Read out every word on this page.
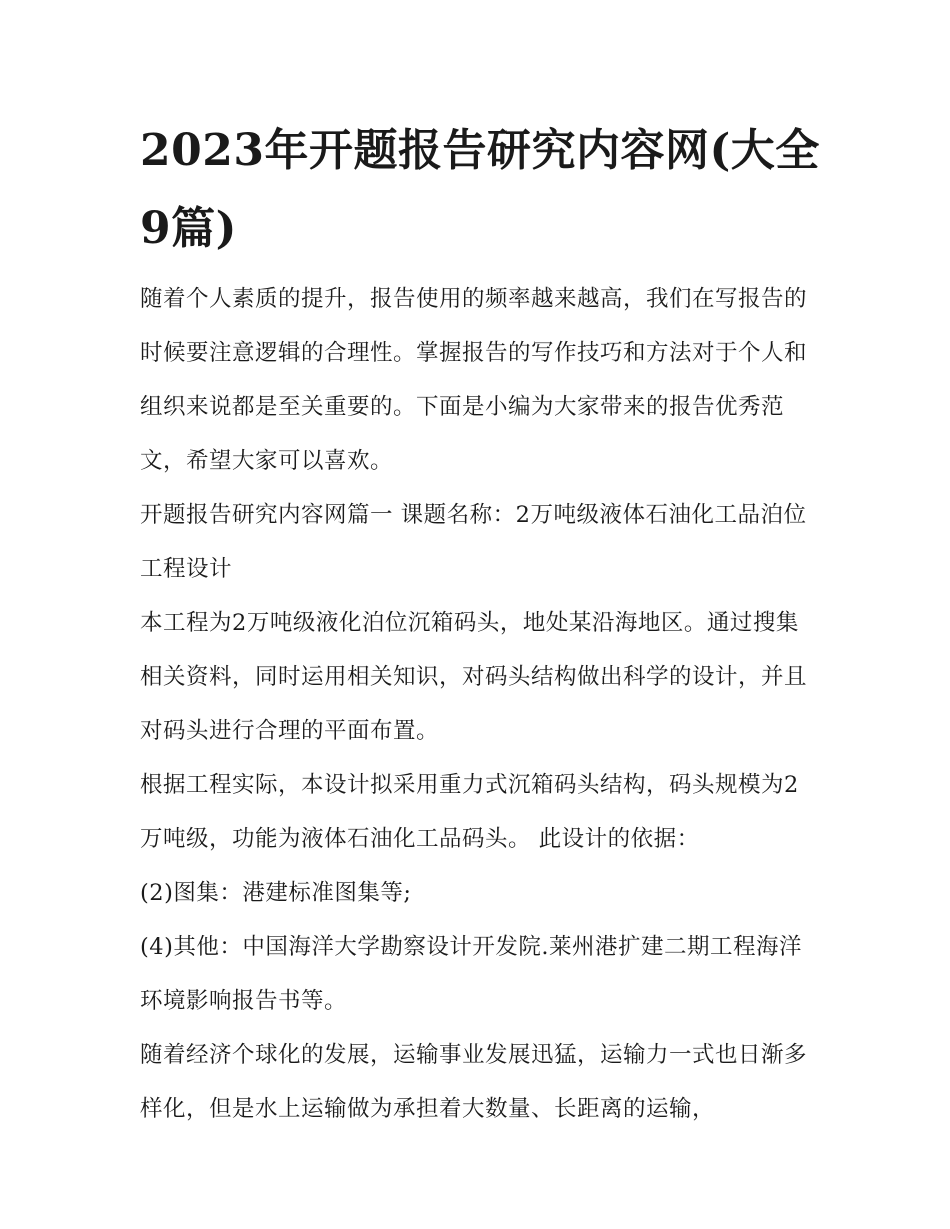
2023年开题报告研究内容网(大全9篇)

随着个人素质的提升，报告使用的频率越来越高，我们在写报告的时候要注意逻辑的合理性。掌握报告的写作技巧和方法对于个人和组织来说都是至关重要的。下面是小编为大家带来的报告优秀范文，希望大家可以喜欢。

开题报告研究内容网篇一 课题名称：2万吨级液体石油化工品泊位工程设计

本工程为2万吨级液化泊位沉箱码头，地处某沿海地区。通过搜集相关资料，同时运用相关知识，对码头结构做出科学的设计，并且对码头进行合理的平面布置。

根据工程实际，本设计拟采用重力式沉箱码头结构，码头规模为2万吨级，功能为液体石油化工品码头。 此设计的依据：

(2)图集：港建标准图集等;

(4)其他：中国海洋大学勘察设计开发院.莱州港扩建二期工程海洋环境影响报告书等。

随着经济个球化的发展，运输事业发展迅猛，运输力一式也日渐多样化，但是水上运输做为承担着大数量、长距离的运输，
